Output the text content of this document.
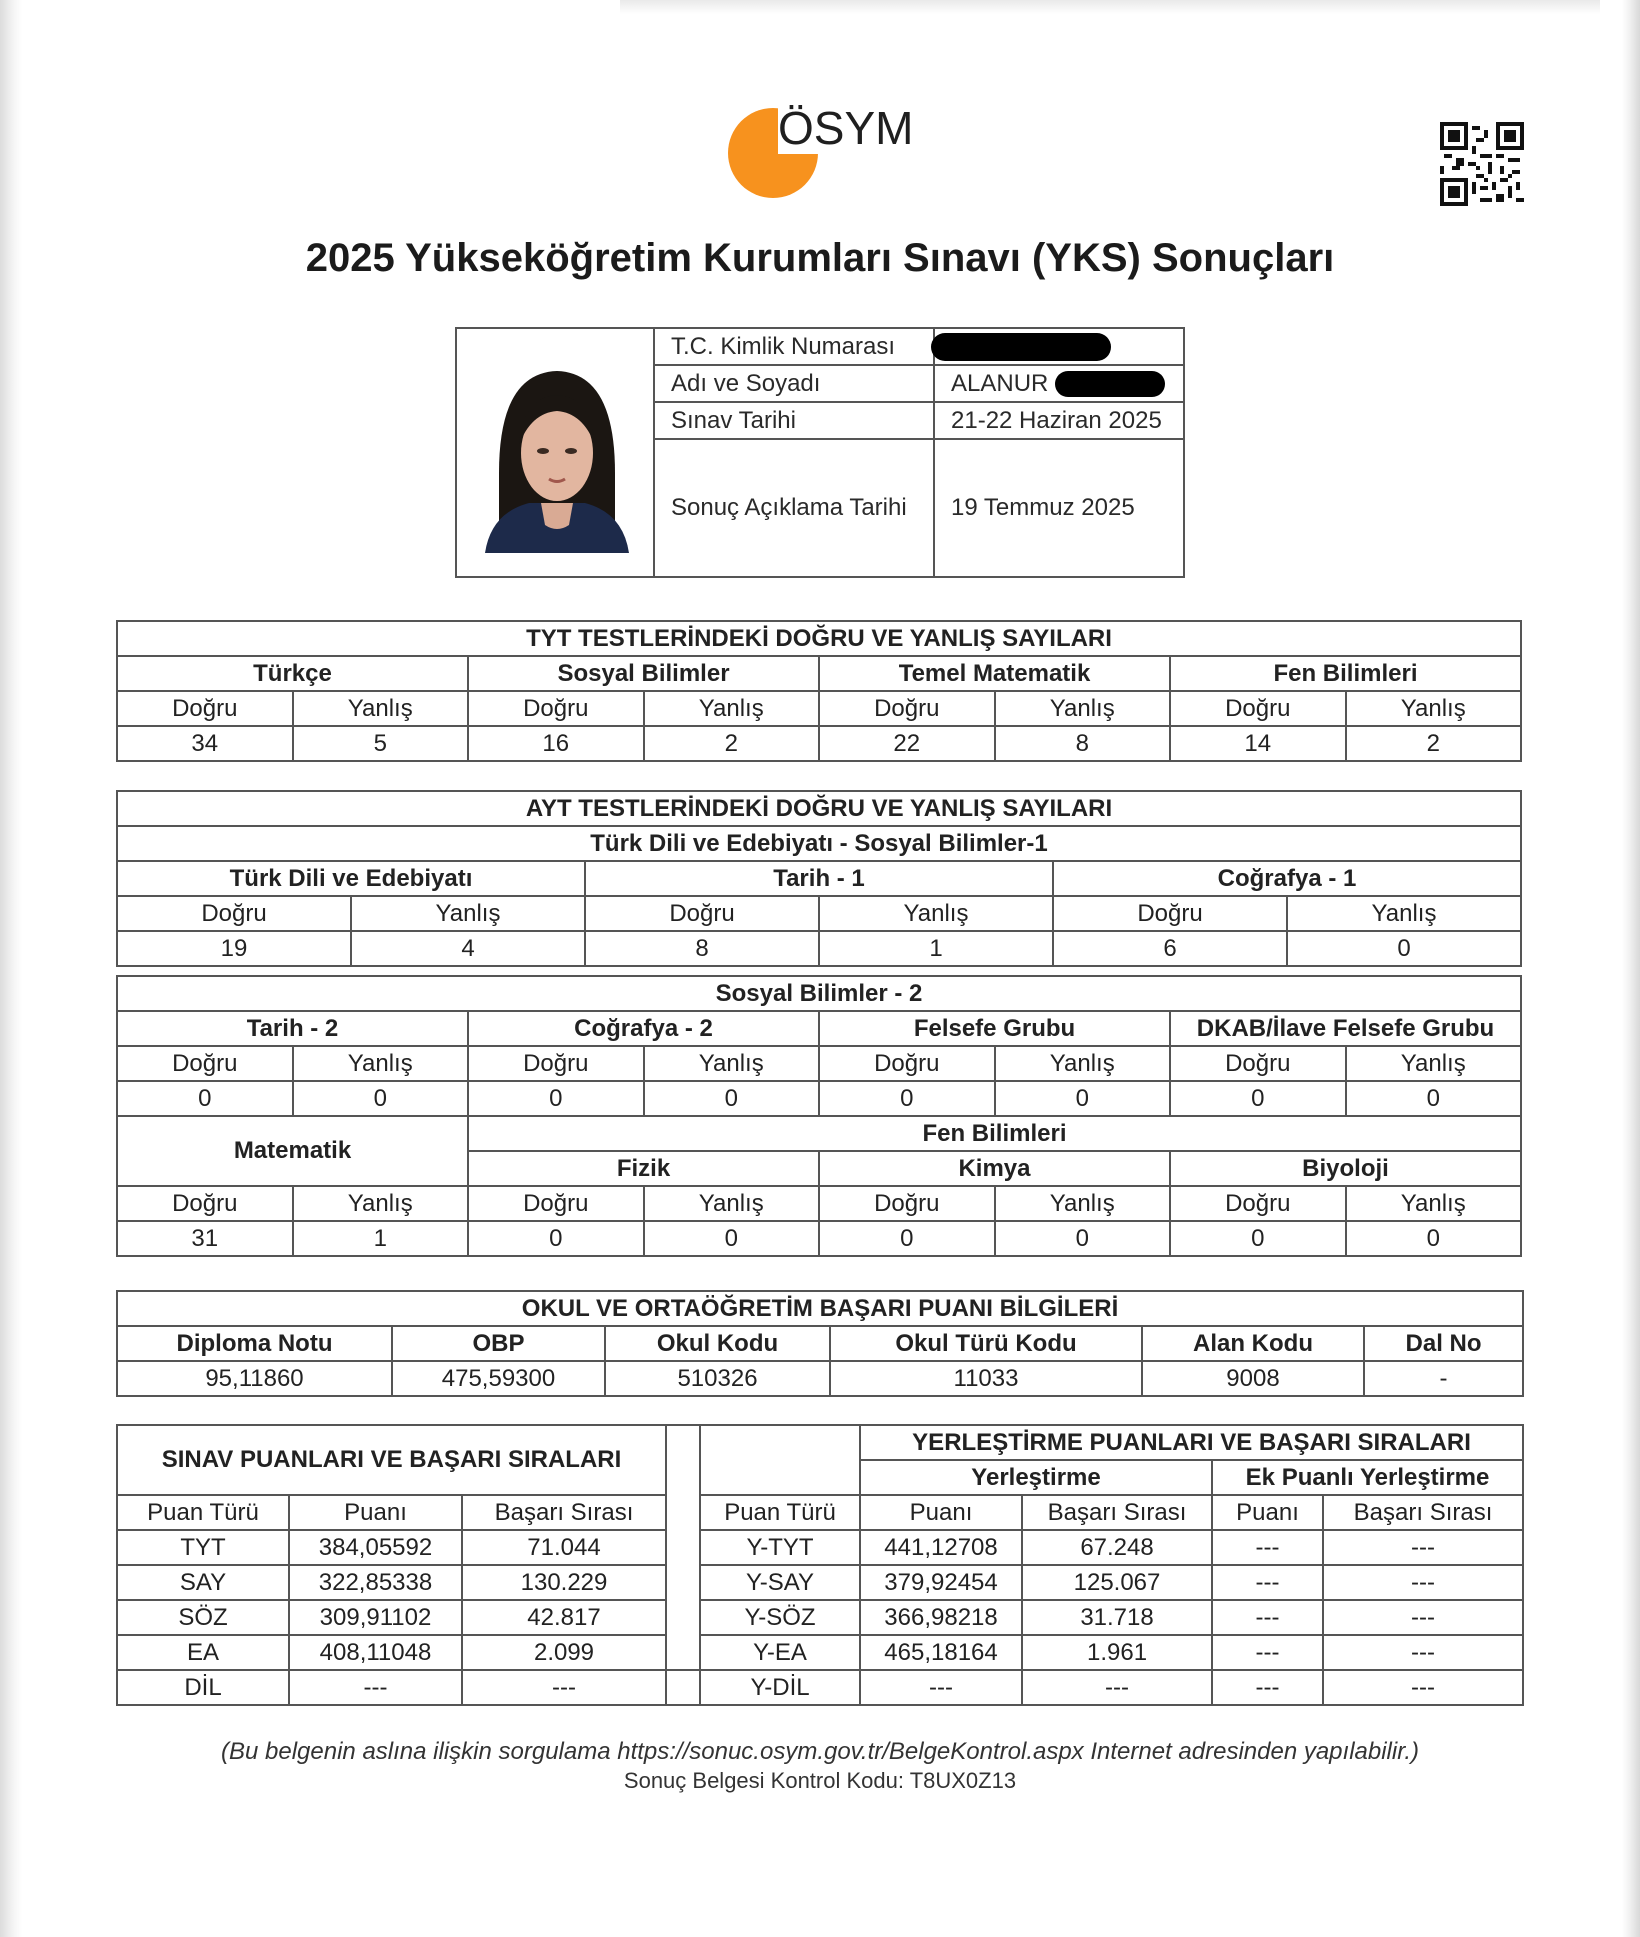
ÖSYM
2025 Yükseköğretim Kurumları Sınavı (YKS) Sonuçları
T.C. Kimlik Numarası	
Adı ve Soyadı	ALANUR
Sınav Tarihi	21-22 Haziran 2025
Sonuç Açıklama Tarihi	19 Temmuz 2025
TYT TESTLERİNDEKİ DOĞRU VE YANLIŞ SAYILARI							
Türkçe		Sosyal Bilimler		Temel Matematik		Fen Bilimleri	
Doğru	Yanlış	Doğru	Yanlış	Doğru	Yanlış	Doğru	Yanlış
34	5	16	2	22	8	14	2
AYT TESTLERİNDEKİ DOĞRU VE YANLIŞ SAYILARI					
Türk Dili ve Edebiyatı - Sosyal Bilimler-1					
Türk Dili ve Edebiyatı		Tarih - 1		Coğrafya - 1	
Doğru	Yanlış	Doğru	Yanlış	Doğru	Yanlış
19	4	8	1	6	0
Sosyal Bilimler - 2							
Tarih - 2		Coğrafya - 2		Felsefe Grubu		DKAB/İlave Felsefe Grubu	
Doğru	Yanlış	Doğru	Yanlış	Doğru	Yanlış	Doğru	Yanlış
0	0	0	0	0	0	0	0
Matematik		Fen Bilimleri					
		Fizik		Kimya		Biyoloji	
Doğru	Yanlış	Doğru	Yanlış	Doğru	Yanlış	Doğru	Yanlış
31	1	0	0	0	0	0	0
OKUL VE ORTAÖĞRETİM BAŞARI PUANI BİLGİLERİ					
Diploma Notu	OBP	Okul Kodu	Okul Türü Kodu	Alan Kodu	Dal No
95,11860	475,59300	510326	11033	9008	-
SINAV PUANLARI VE BAŞARI SIRALARI					YERLEŞTİRME PUANLARI VE BAŞARI SIRALARI			
					Yerleştirme		Ek Puanlı Yerleştirme	
Puan Türü	Puanı	Başarı Sırası		Puan Türü	Puanı	Başarı Sırası	Puanı	Başarı Sırası
TYT	384,05592	71.044		Y-TYT	441,12708	67.248	---	---
SAY	322,85338	130.229		Y-SAY	379,92454	125.067	---	---
SÖZ	309,91102	42.817		Y-SÖZ	366,98218	31.718	---	---
EA	408,11048	2.099		Y-EA	465,18164	1.961	---	---
DİL	---	---		Y-DİL	---	---	---	---
(Bu belgenin aslına ilişkin sorgulama https://sonuc.osym.gov.tr/BelgeKontrol.aspx Internet adresinden yapılabilir.)
Sonuç Belgesi Kontrol Kodu: T8UX0Z13
